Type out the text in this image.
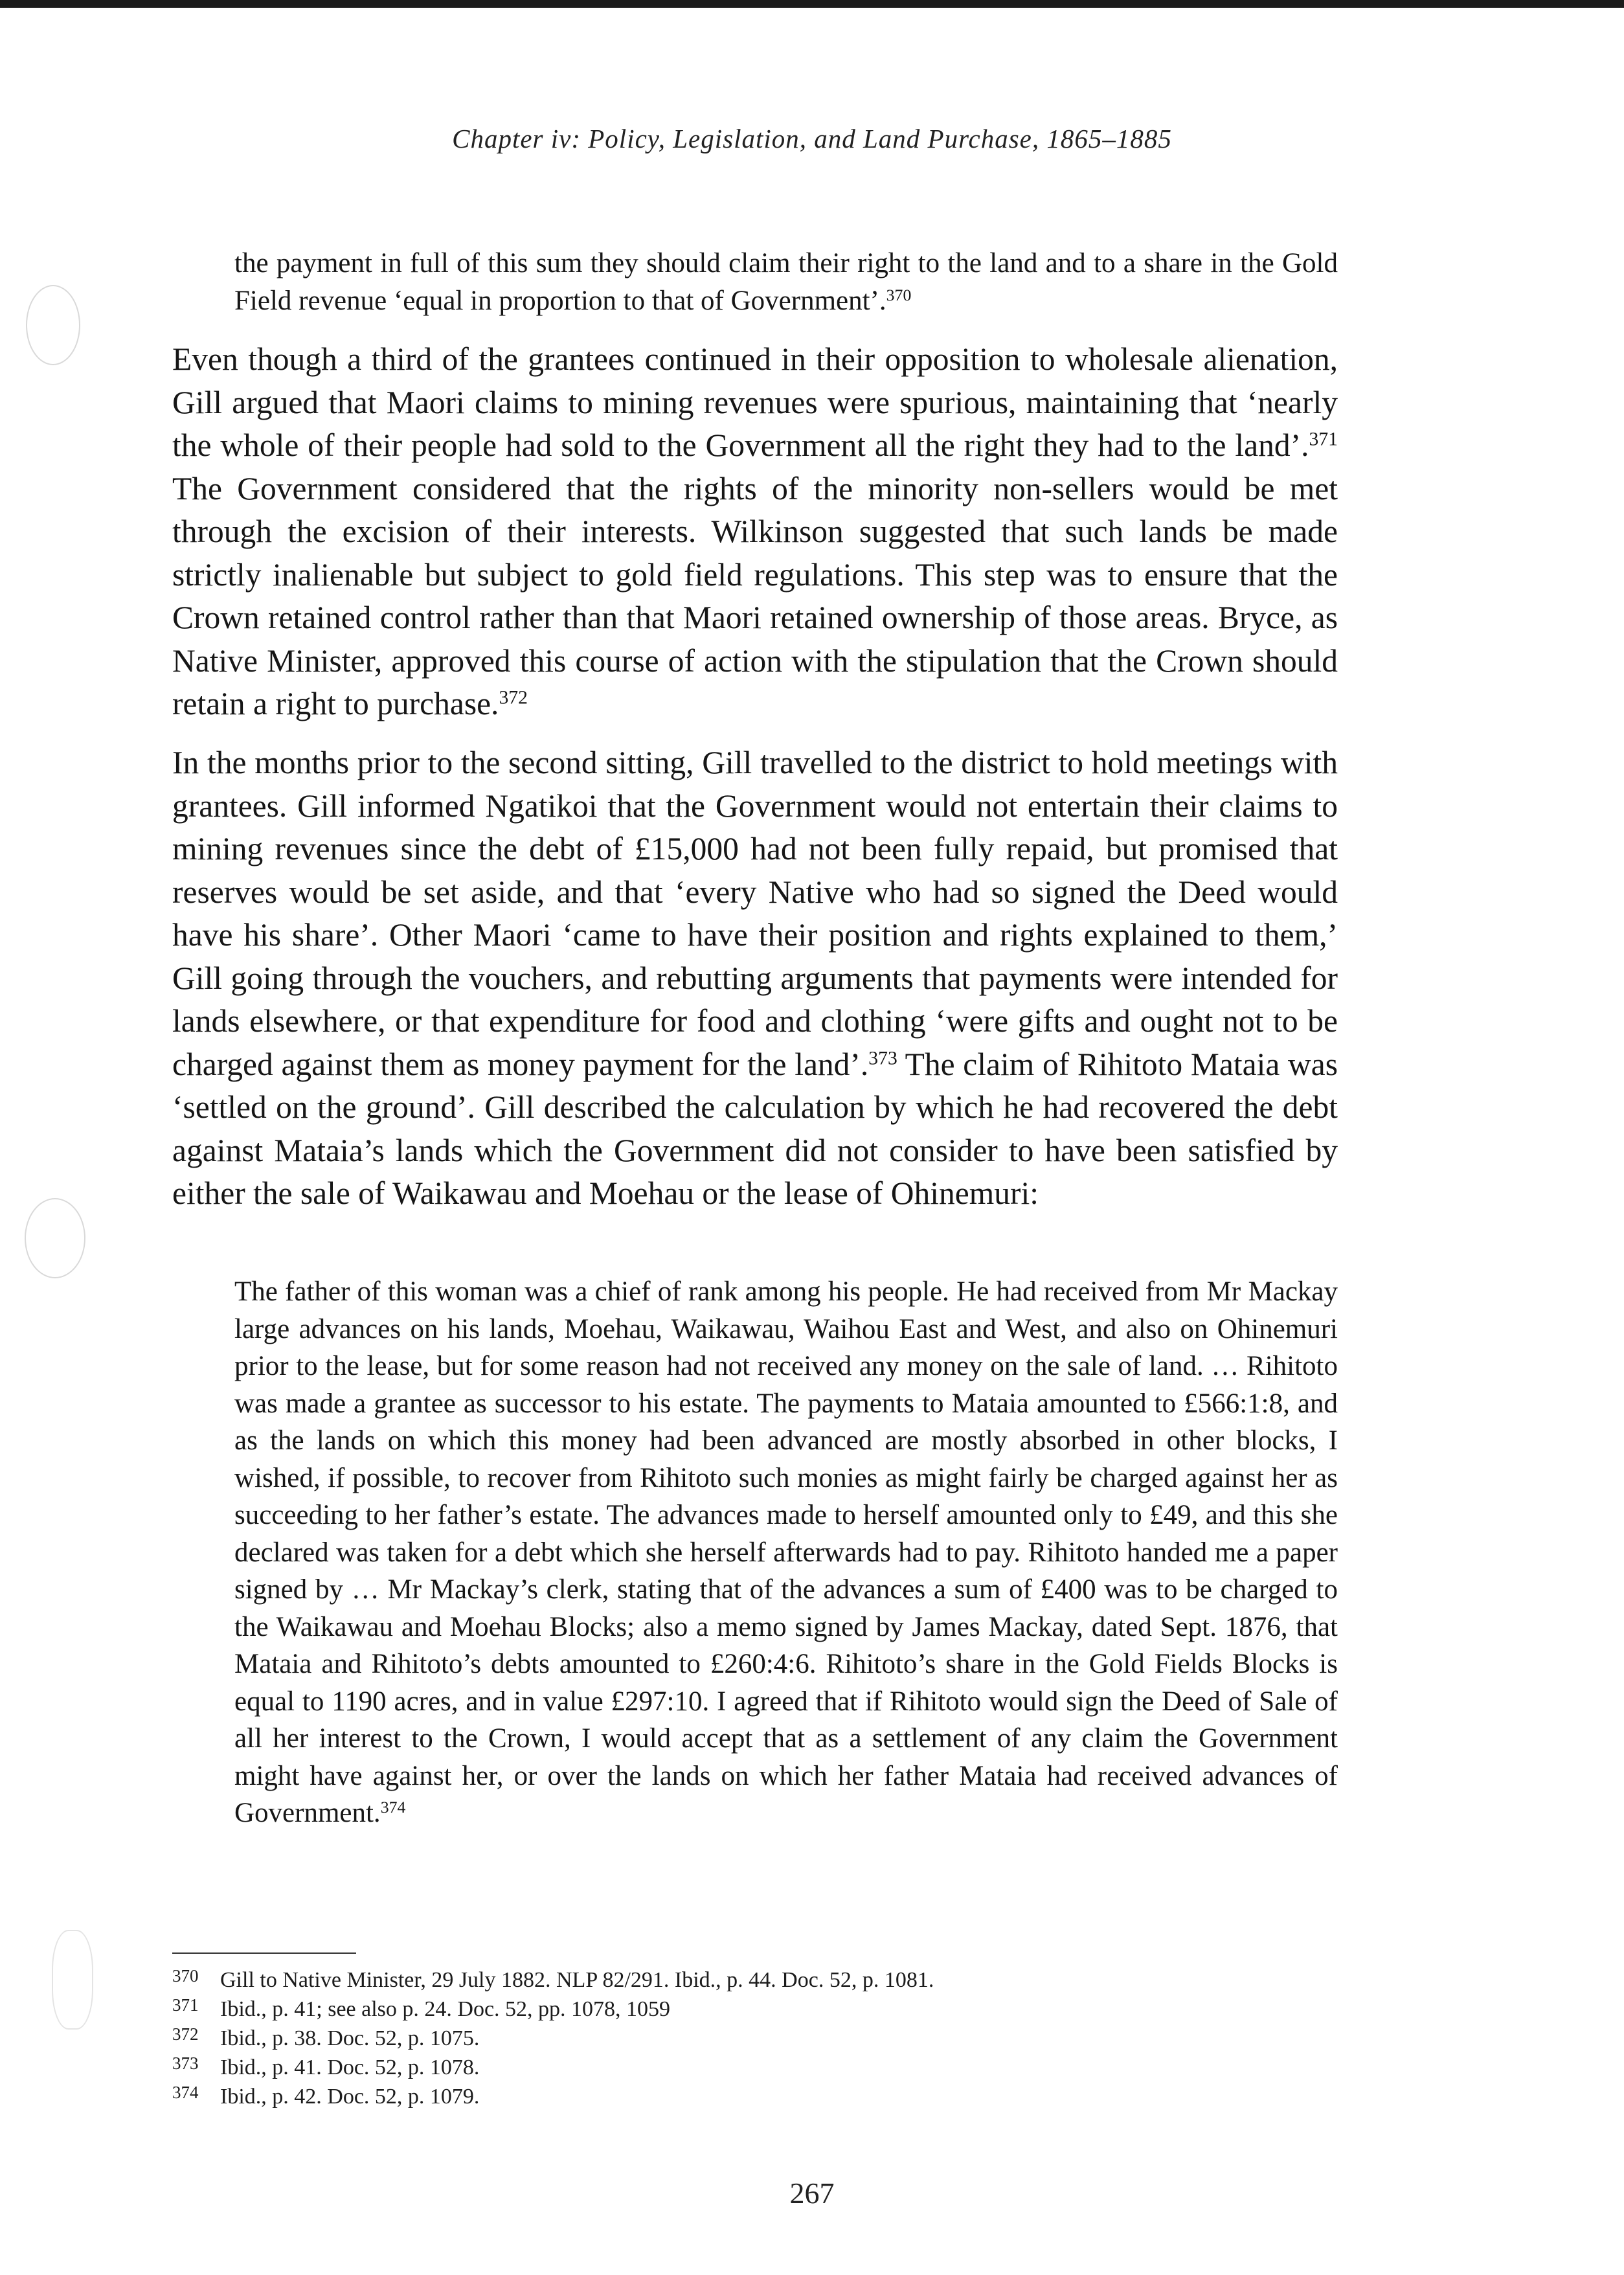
Chapter iv: Policy, Legislation, and Land Purchase, 1865–1885

the payment in full of this sum they should claim their right to the land and to a share in the Gold Field revenue ‘equal in proportion to that of Government’.$^{370}$

Even though a third of the grantees continued in their opposition to wholesale alienation, Gill argued that Maori claims to mining revenues were spurious, maintaining that ‘nearly the whole of their people had sold to the Government all the right they had to the land’.$^{371}$ The Government considered that the rights of the minority non-sellers would be met through the excision of their interests. Wilkinson suggested that such lands be made strictly inalienable but subject to gold field regulations. This step was to ensure that the Crown retained control rather than that Maori retained ownership of those areas. Bryce, as Native Minister, approved this course of action with the stipulation that the Crown should retain a right to purchase.$^{372}$

In the months prior to the second sitting, Gill travelled to the district to hold meetings with grantees. Gill informed Ngatikoi that the Government would not entertain their claims to mining revenues since the debt of £15,000 had not been fully repaid, but promised that reserves would be set aside, and that ‘every Native who had so signed the Deed would have his share’. Other Maori ‘came to have their position and rights explained to them,’ Gill going through the vouchers, and rebutting arguments that payments were intended for lands elsewhere, or that expenditure for food and clothing ‘were gifts and ought not to be charged against them as money payment for the land’.$^{373}$ The claim of Rihitoto Mataia was ‘settled on the ground’. Gill described the calculation by which he had recovered the debt against Mataia’s lands which the Government did not consider to have been satisfied by either the sale of Waikawau and Moehau or the lease of Ohinemuri:

The father of this woman was a chief of rank among his people. He had received from Mr Mackay large advances on his lands, Moehau, Waikawau, Waihou East and West, and also on Ohinemuri prior to the lease, but for some reason had not received any money on the sale of land. … Rihitoto was made a grantee as successor to his estate. The payments to Mataia amounted to £566:1:8, and as the lands on which this money had been advanced are mostly absorbed in other blocks, I wished, if possible, to recover from Rihitoto such monies as might fairly be charged against her as succeeding to her father’s estate. The advances made to herself amounted only to £49, and this she declared was taken for a debt which she herself afterwards had to pay. Rihitoto handed me a paper signed by … Mr Mackay’s clerk, stating that of the advances a sum of £400 was to be charged to the Waikawau and Moehau Blocks; also a memo signed by James Mackay, dated Sept. 1876, that Mataia and Rihitoto’s debts amounted to £260:4:6. Rihitoto’s share in the Gold Fields Blocks is equal to 1190 acres, and in value £297:10. I agreed that if Rihitoto would sign the Deed of Sale of all her interest to the Crown, I would accept that as a settlement of any claim the Government might have against her, or over the lands on which her father Mataia had received advances of Government.$^{374}$

370 Gill to Native Minister, 29 July 1882. NLP 82/291. Ibid., p. 44. Doc. 52, p. 1081.
371 Ibid., p. 41; see also p. 24. Doc. 52, pp. 1078, 1059
372 Ibid., p. 38. Doc. 52, p. 1075.
373 Ibid., p. 41. Doc. 52, p. 1078.
374 Ibid., p. 42. Doc. 52, p. 1079.

267
